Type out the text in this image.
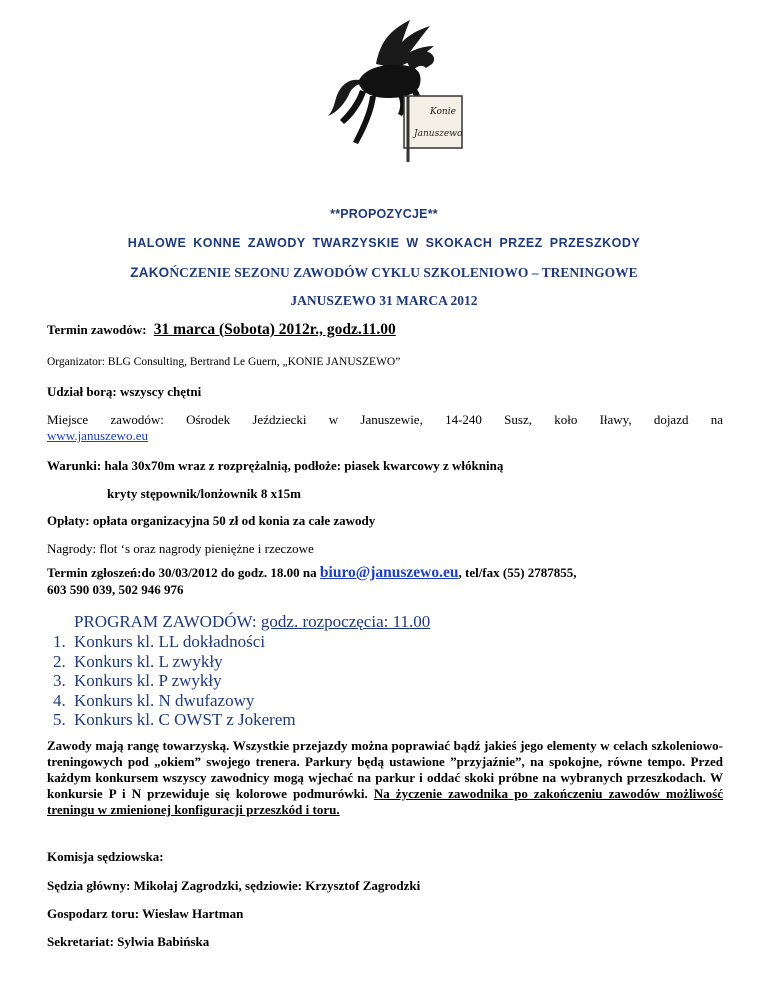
Konie
Januszewo
**PROPOZYCJE**
HALOWE KONNE ZAWODY TWARZYSKIE W SKOKACH PRZEZ PRZESZKODY
ZAKOŃCZENIE SEZONU ZAWODÓW CYKLU SZKOLENIOWO – TRENINGOWE
JANUSZEWO 31 MARCA 2012
Termin zawodów: 31 marca (Sobota) 2012r., godz.11.00
Organizator: BLG Consulting, Bertrand Le Guern, „KONIE JANUSZEWO”
Udział borą: wszyscy chętni
Miejsce zawodów: Ośrodek Jeździecki w Januszewie, 14-240 Susz, koło Iławy, dojazd na
www.januszewo.eu
Warunki: hala 30x70m wraz z rozprężalnią, podłoże: piasek kwarcowy z włókniną
kryty stępownik/lonżownik 8 x15m
Opłaty: opłata organizacyjna 50 zł od konia za całe zawody
Nagrody: flot ‘s oraz nagrody pieniężne i rzeczowe
Termin zgłoszeń:do 30/03/2012 do godz. 18.00 na biuro@januszewo.eu, tel/fax (55) 2787855,
603 590 039, 502 946 976
PROGRAM ZAWODÓW: godz. rozpoczęcia: 11.00
1. Konkurs kl. LL dokładności
2. Konkurs kl. L zwykły
3. Konkurs kl. P zwykły
4. Konkurs kl. N dwufazowy
5. Konkurs kl. C OWST z Jokerem
Zawody mają rangę towarzyską. Wszystkie przejazdy można poprawiać bądź jakieś jego elementy w celach szkoleniowo-treningowych pod „okiem” swojego trenera. Parkury będą ustawione ”przyjaźnie”, na spokojne, równe tempo. Przed każdym konkursem wszyscy zawodnicy mogą wjechać na parkur i oddać skoki próbne na wybranych przeszkodach. W konkursie P i N przewiduje się kolorowe podmurówki. Na życzenie zawodnika po zakończeniu zawodów możliwość treningu w zmienionej konfiguracji przeszkód i toru.
Komisja sędziowska:
Sędzia główny: Mikołaj Zagrodzki, sędziowie: Krzysztof Zagrodzki
Gospodarz toru: Wiesław Hartman
Sekretariat: Sylwia Babińska
